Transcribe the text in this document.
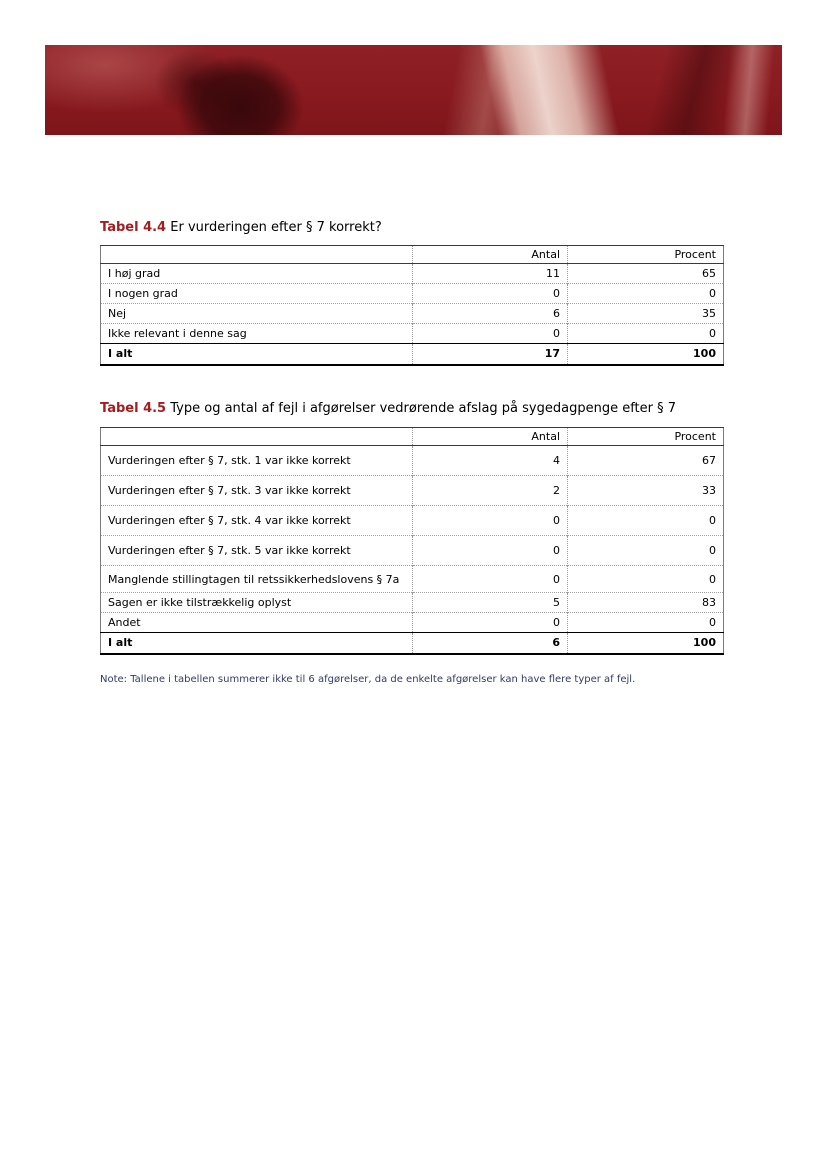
Tabel 4.4 Er vurderingen efter § 7 korrekt?
	Antal	Procent
I høj grad	11	65
I nogen grad	0	0
Nej	6	35
Ikke relevant i denne sag	0	0
I alt	17	100
Tabel 4.5 Type og antal af fejl i afgørelser vedrørende afslag på sygedagpenge efter § 7
	Antal	Procent
Vurderingen efter § 7, stk. 1 var ikke korrekt	4	67
Vurderingen efter § 7, stk. 3 var ikke korrekt	2	33
Vurderingen efter § 7, stk. 4 var ikke korrekt	0	0
Vurderingen efter § 7, stk. 5 var ikke korrekt	0	0
Manglende stillingtagen til retssikkerhedslovens § 7a	0	0
Sagen er ikke tilstrækkelig oplyst	5	83
Andet	0	0
I alt	6	100
Note: Tallene i tabellen summerer ikke til 6 afgørelser, da de enkelte afgørelser kan have flere typer af fejl.
